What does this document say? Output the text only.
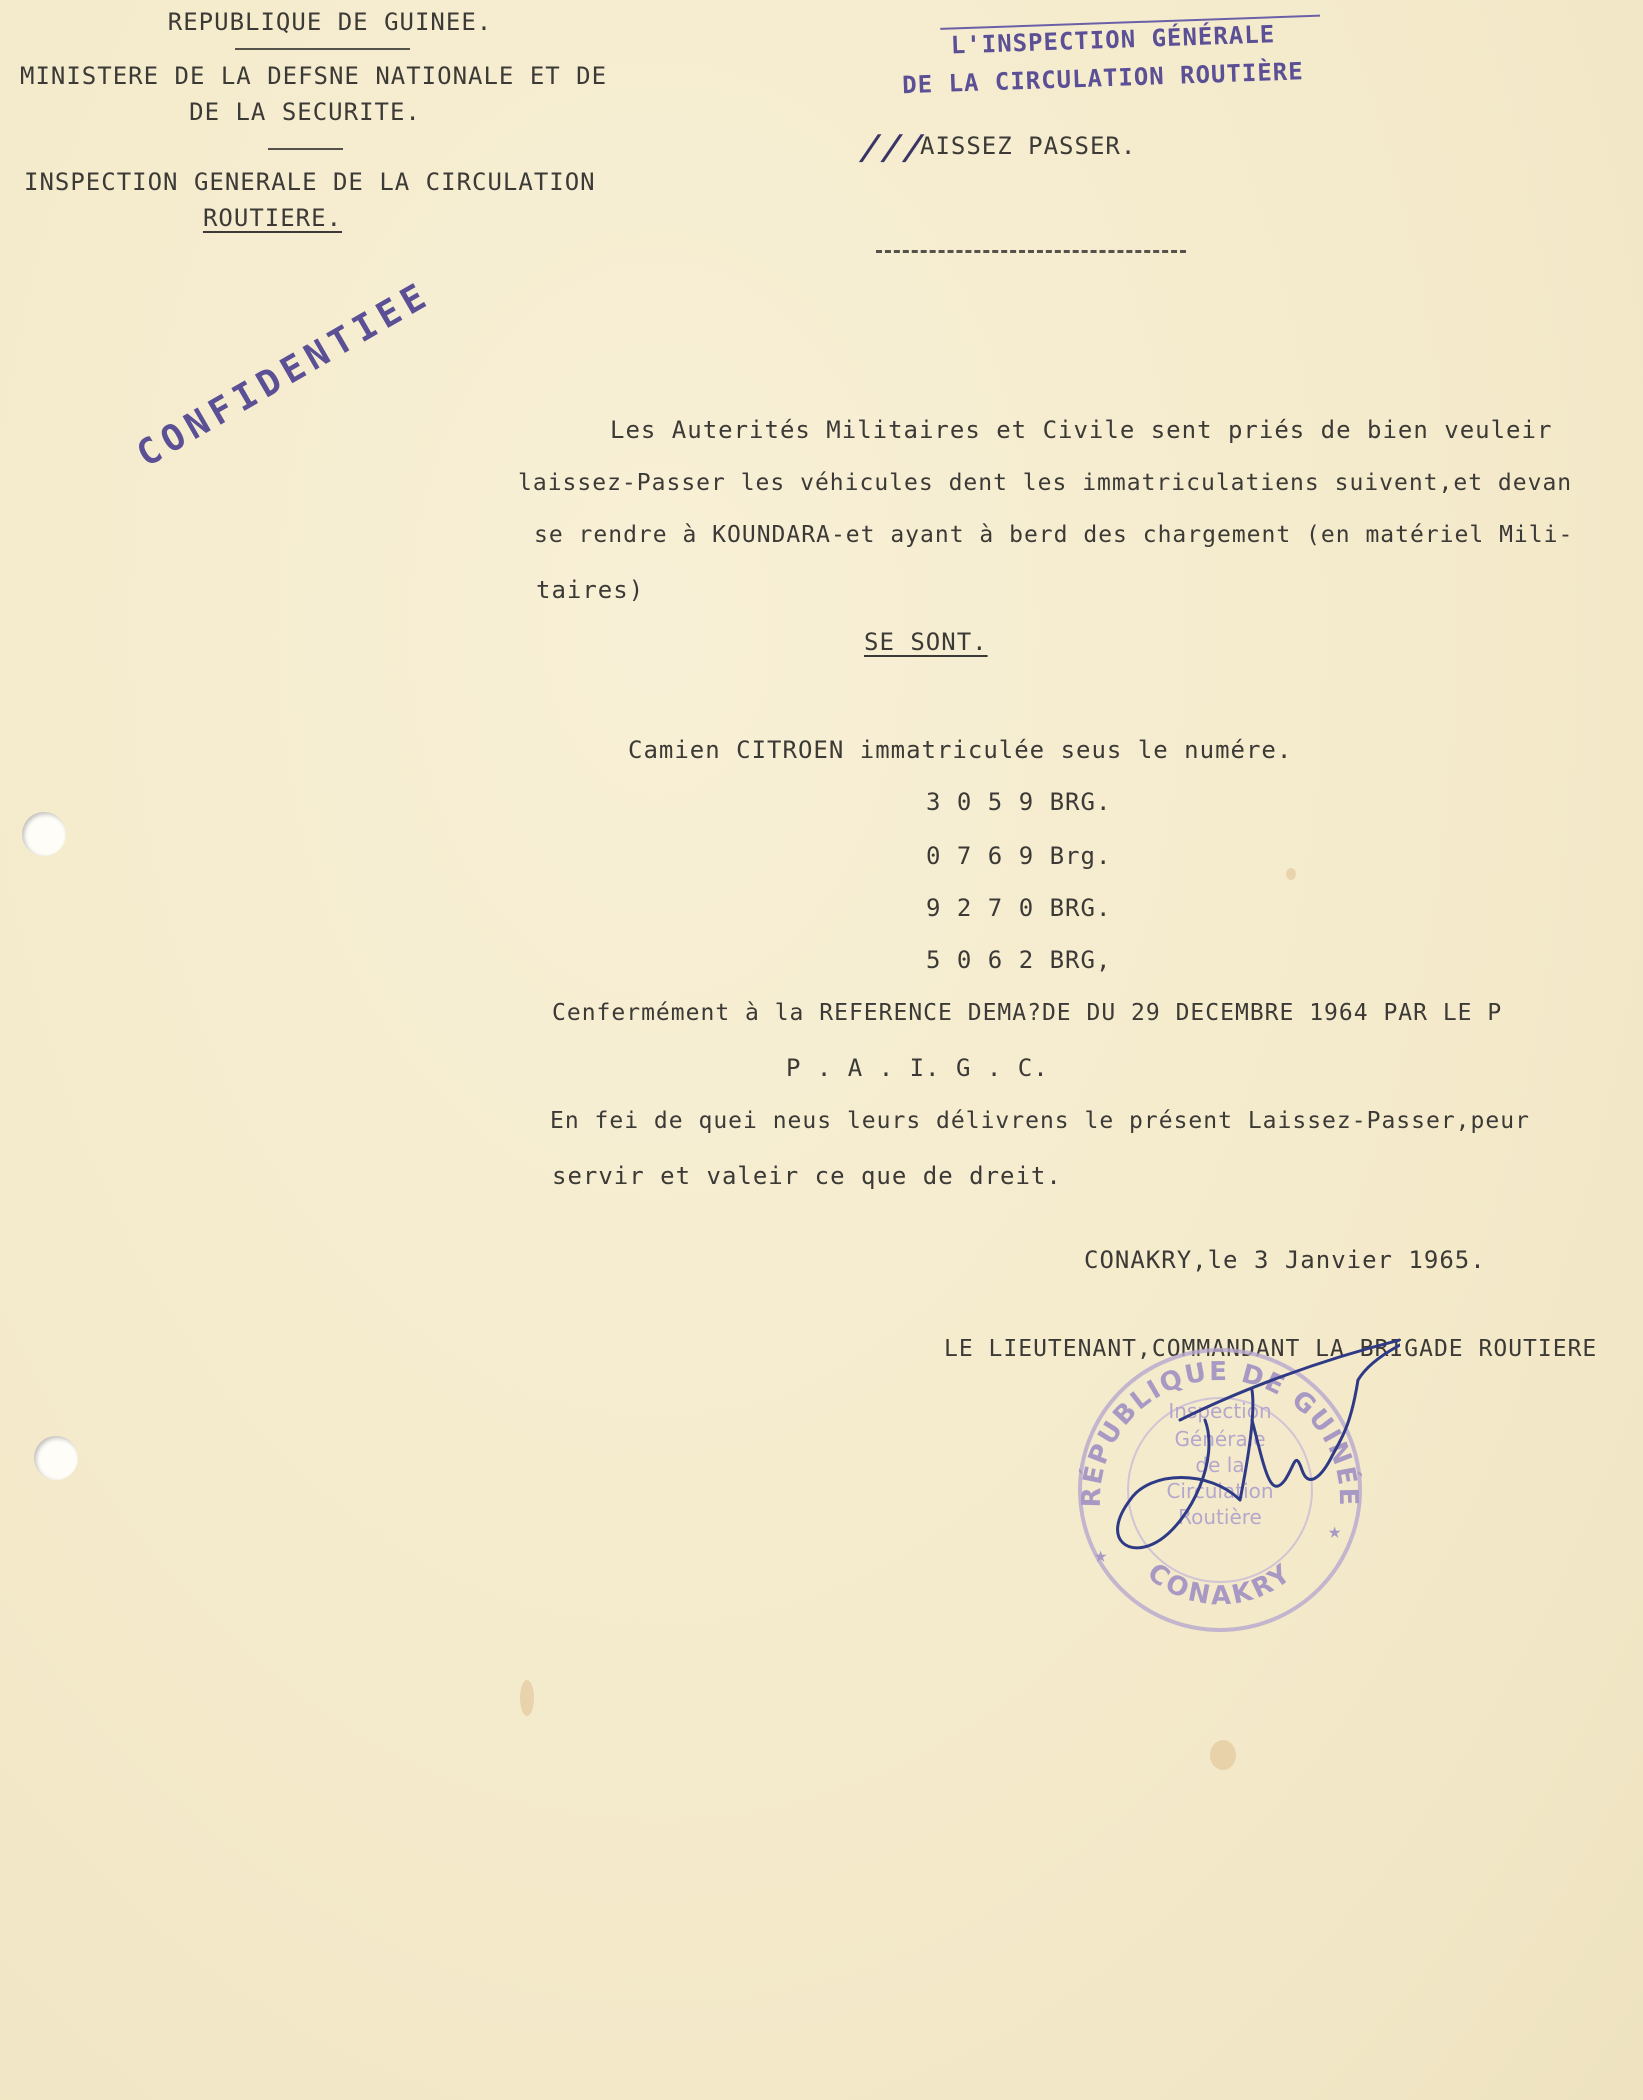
REPUBLIQUE DE GUINEE.
MINISTERE DE LA DEFSNE NATIONALE ET DE
DE LA SECURITE.
INSPECTION GENERALE DE LA CIRCULATION
ROUTIERE.
L'INSPECTION GÉNÉRALE
DE LA CIRCULATION ROUTIÈRE
///
AISSEZ PASSER.
CONFIDENTIEE	Les Auterités Militaires et Civile sent priés de bien veuleir
laissez-Passer les véhicules dent les immatriculatiens suivent,et devan
se rendre à KOUNDARA-et ayant à berd des chargement (en matériel Mili-
taires)
SE SONT.
Camien CITROEN immatriculée seus le numére.
3 0 5 9 BRG.
0 7 6 9 Brg.
9 2 7 0 BRG.
5 0 6 2 BRG,
Cenfermément à la REFERENCE DEMA?DE DU 29 DECEMBRE 1964 PAR LE P
P . A . I. G . C.
En fei de quei neus leurs délivrens le présent Laissez-Passer,peur
servir et valeir ce que de dreit.
CONAKRY,le 3 Janvier 1965.
LE LIEUTENANT,COMMANDANT LA BRIGADE ROUTIERE
★
★
RÉPUBLIQUE DE GUINÉE
CONAKRY
Inspection
Générale
de la
Circulation
Routière
